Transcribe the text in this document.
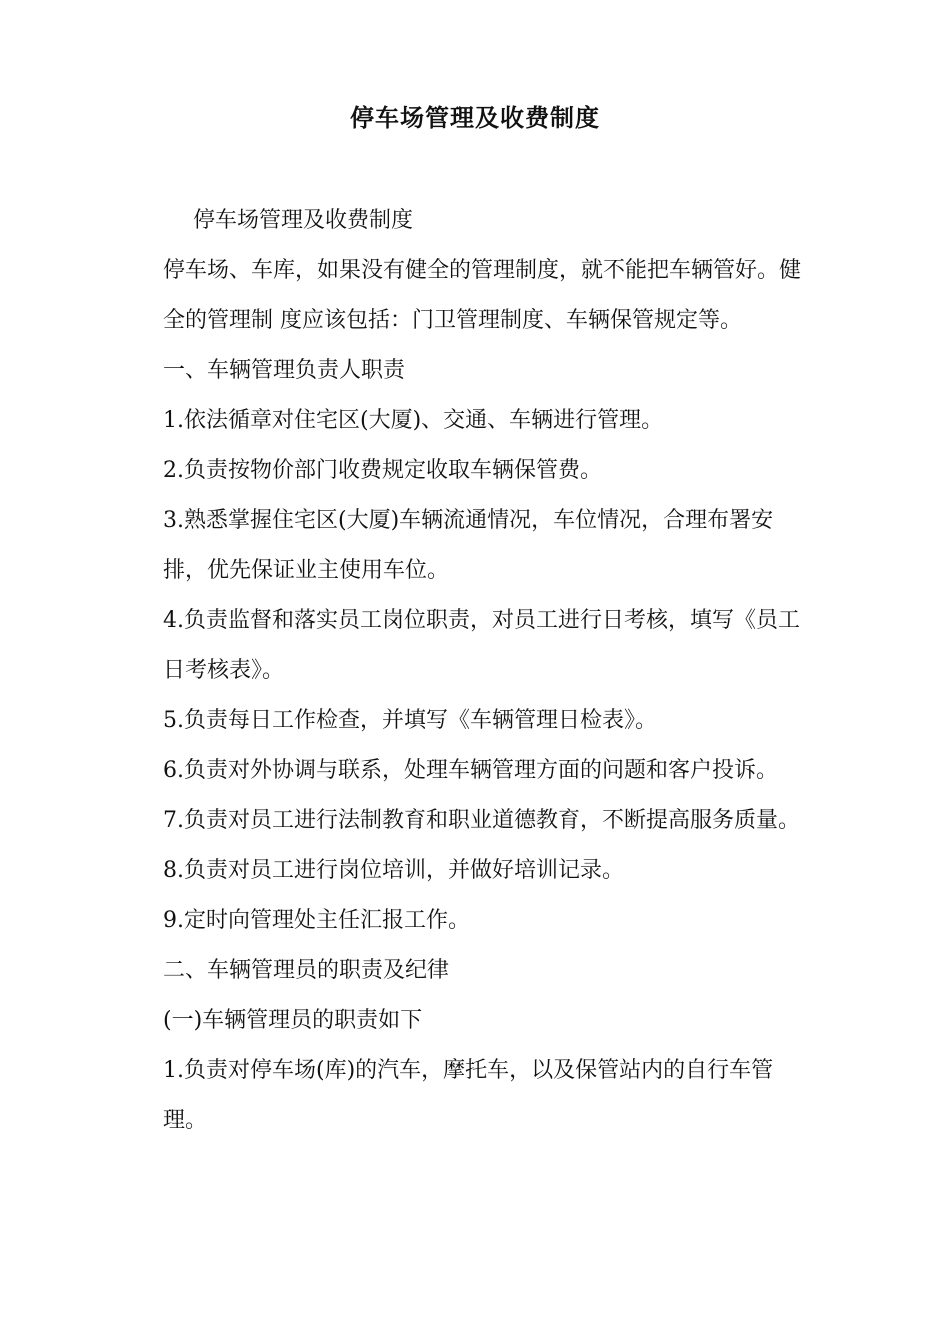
停车场管理及收费制度

停车场管理及收费制度

停车场、车库，如果没有健全的管理制度，就不能把车辆管好。健全的管理制 度应该包括：门卫管理制度、车辆保管规定等。

一、车辆管理负责人职责

1.依法循章对住宅区(大厦)、交通、车辆进行管理。

2.负责按物价部门收费规定收取车辆保管费。

3.熟悉掌握住宅区(大厦)车辆流通情况，车位情况，合理布署安排，优先保证业主使用车位。

4.负责监督和落实员工岗位职责，对员工进行日考核，填写《员工日考核表》。

5.负责每日工作检查，并填写《车辆管理日检表》。

6.负责对外协调与联系，处理车辆管理方面的问题和客户投诉。

7.负责对员工进行法制教育和职业道德教育，不断提高服务质量。

8.负责对员工进行岗位培训，并做好培训记录。

9.定时向管理处主任汇报工作。

二、车辆管理员的职责及纪律

(一)车辆管理员的职责如下

1.负责对停车场(库)的汽车，摩托车，以及保管站内的自行车管理。
